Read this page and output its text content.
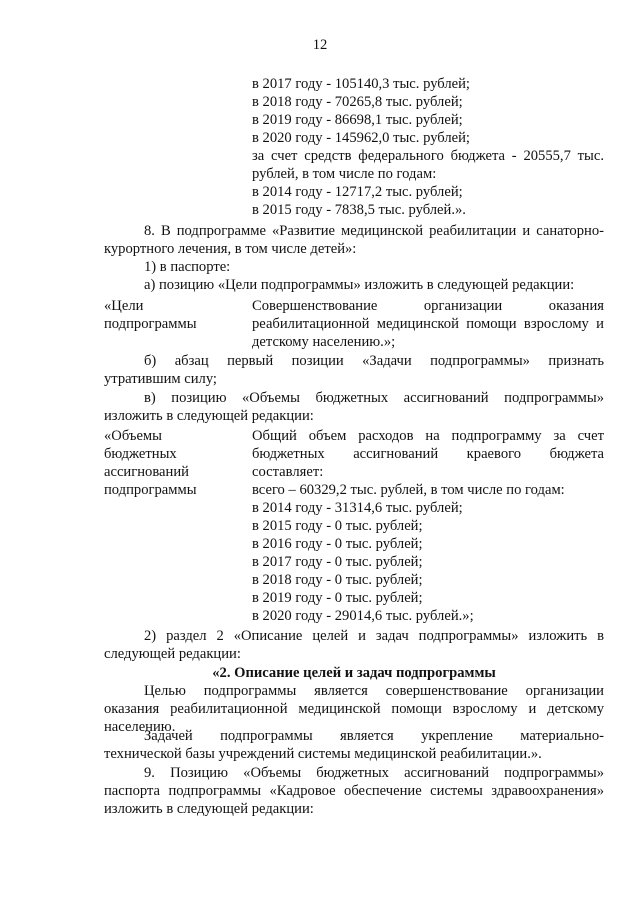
12
в 2017 году - 105140,3 тыс. рублей;
в 2018 году - 70265,8 тыс. рублей;
в 2019 году - 86698,1 тыс. рублей;
в 2020 году - 145962,0 тыс. рублей;
за счет средств федерального бюджета - 20555,7 тыс.
рублей, в том числе по годам:
в 2014 году - 12717,2 тыс. рублей;
в 2015 году - 7838,5 тыс. рублей.».
8. В подпрограмме «Развитие медицинской реабилитации и санаторно-
курортного лечения, в том числе детей»:
1) в паспорте:
а) позицию «Цели подпрограммы» изложить в следующей редакции:
«Цели
подпрограммы
Совершенствование организации оказания
реабилитационной медицинской помощи взрослому и
детскому населению.»;
б) абзац первый позиции «Задачи подпрограммы» признать
утратившим силу;
в) позицию «Объемы бюджетных ассигнований подпрограммы»
изложить в следующей редакции:
«Объемы
бюджетных
ассигнований
подпрограммы
Общий объем расходов на подпрограмму за счет
бюджетных ассигнований краевого бюджета
составляет:
всего – 60329,2 тыс. рублей, в том числе по годам:
в 2014 году - 31314,6 тыс. рублей;
в 2015 году - 0 тыс. рублей;
в 2016 году - 0 тыс. рублей;
в 2017 году - 0 тыс. рублей;
в 2018 году - 0 тыс. рублей;
в 2019 году - 0 тыс. рублей;
в 2020 году - 29014,6 тыс. рублей.»;
2) раздел 2 «Описание целей и задач подпрограммы» изложить в
следующей редакции:
«2. Описание целей и задач подпрограммы
Целью подпрограммы является совершенствование организации
оказания реабилитационной медицинской помощи взрослому и детскому
населению.
Задачей подпрограммы является укрепление материально-
технической базы учреждений системы медицинской реабилитации.».
9. Позицию «Объемы бюджетных ассигнований подпрограммы»
паспорта подпрограммы «Кадровое обеспечение системы здравоохранения»
изложить в следующей редакции:
